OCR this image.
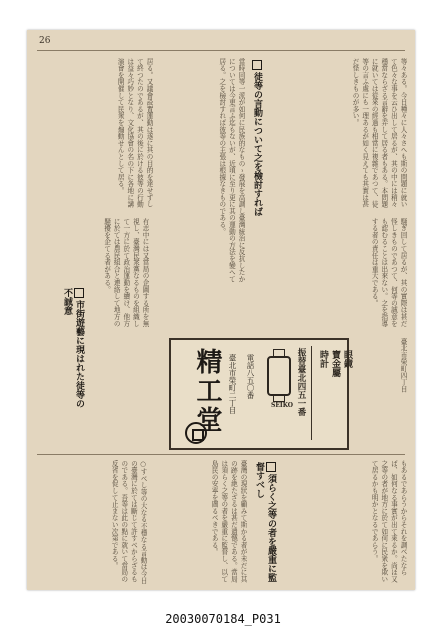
26
等々ある。今日種々に人々さへも斯の問題に就いて色々な事を云ひ出して居るが、其の中には稍々穩當ならざる言辭を弄して居る者もある。本問題に就いては從來の經過も相當に複雜であつて、徒等の言ふ處にも一理あるが如く見えても其實は甚だ怪しきものが多い。
徒等の言動について之を檢討すれば
當時同等一派が如何に民族的なものゝ發展を高調し臺灣統治に反抗したかについては今更言ふ迄もないが、近頃に至り更に其の運動の方法を變へて居る。之を檢討すれば彼等の主張は根據なきものである。
居る。又議會設置運動は遂に其の目的を達せずして終つたのであるが、其の後に於ける彼等の行動は益々巧妙となり、文化協會の名の下に各地に講演會を開催して民衆を煽動せんとして居る。
騒ぎ回して居るが、其の實際は甚だ怪しきものであつて、何等の誠意をも認むることは出來ない。之を指導する者の責任は重大である。
有志中には又當局の企圖する所を無視し、臺灣民衆黨なるものを組織して一方に於て政治運動を續け、他方に於ては農民組合と連絡して地方の騒擾を企てる者がある。
市街遊藝に現はれた徒等の不誠意
精工堂 臺北市榮町二丁目 電話八五〇番
SEIKO 振替臺北四五一番 時計 寶金屬 眼鏡	臺北市榮町四丁目
もあるであらうからそれを調べたならば、如何なる事實が出て來るか。尚ほ又之等の者が地方に於て如何に民衆を欺いて居るかも明かとなるであらう。
須らく之等の者を嚴重に監督すべし
臺灣の現狀を顧みて斯かる者が未だに其の跡を絶たざるは甚だ遺憾である。當局は須らく之等の者を嚴重に監督し、以て島民の安寧を圖るべきである。
○すべし等の大なる不穩なる言動は今日の臺灣に於ては斷じて許すべからざるものである。吾等は此の點に就いて當局の反省を促して止まない次第である。
20030070184_P031
